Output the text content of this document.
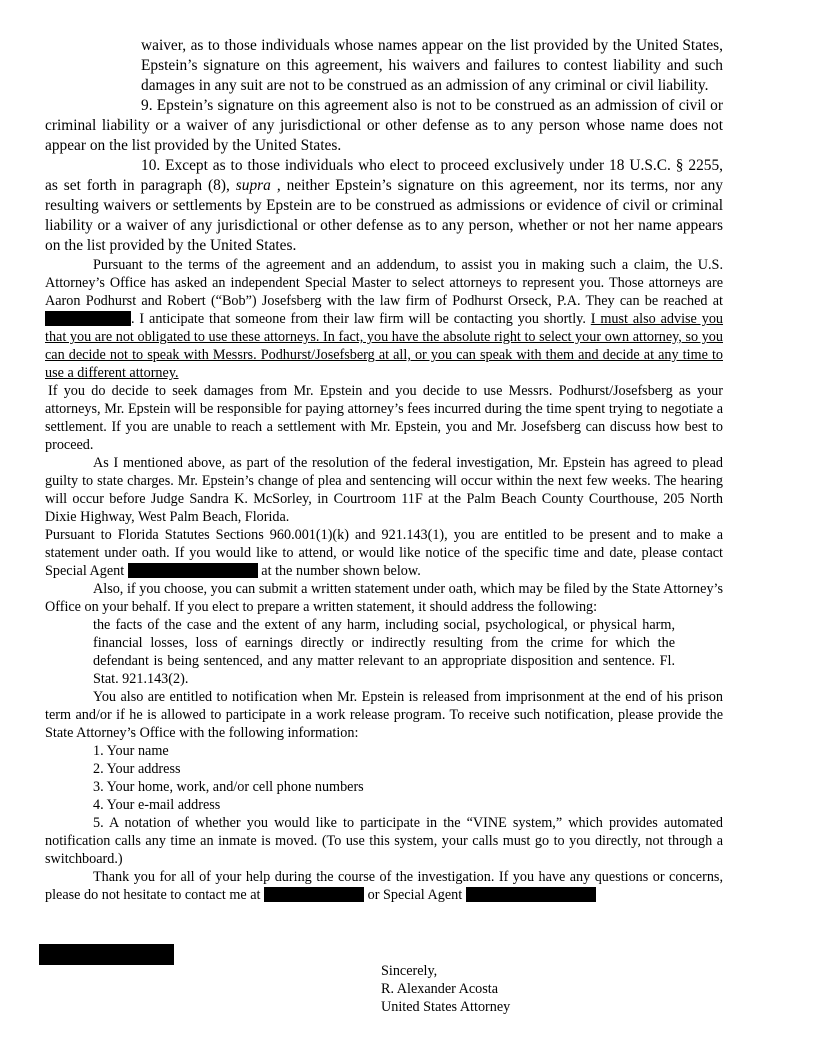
waiver, as to those individuals whose names appear on the list provided by the United States, Epstein’s signature on this agreement, his waivers and failures to contest liability and such damages in any suit are not to be construed as an admission of any criminal or civil liability.

9. Epstein’s signature on this agreement also is not to be construed as an admission of civil or criminal liability or a waiver of any jurisdictional or other defense as to any person whose name does not appear on the list provided by the United States.

10. Except as to those individuals who elect to proceed exclusively under 18 U.S.C. § 2255, as set forth in paragraph (8), supra , neither Epstein’s signature on this agreement, nor its terms, nor any resulting waivers or settlements by Epstein are to be construed as admissions or evidence of civil or criminal liability or a waiver of any jurisdictional or other defense as to any person, whether or not her name appears on the list provided by the United States.

Pursuant to the terms of the agreement and an addendum, to assist you in making such a claim, the U.S. Attorney’s Office has asked an independent Special Master to select attorneys to represent you. Those attorneys are Aaron Podhurst and Robert (“Bob”) Josefsberg with the law firm of Podhurst Orseck, P.A. They can be reached at . I anticipate that someone from their law firm will be contacting you shortly. I must also advise you that you are not obligated to use these attorneys. In fact, you have the absolute right to select your own attorney, so you can decide not to speak with Messrs. Podhurst/Josefsberg at all, or you can speak with them and decide at any time to use a different attorney.

If you do decide to seek damages from Mr. Epstein and you decide to use Messrs. Podhurst/Josefsberg as your attorneys, Mr. Epstein will be responsible for paying attorney’s fees incurred during the time spent trying to negotiate a settlement. If you are unable to reach a settlement with Mr. Epstein, you and Mr. Josefsberg can discuss how best to proceed.

As I mentioned above, as part of the resolution of the federal investigation, Mr. Epstein has agreed to plead guilty to state charges. Mr. Epstein’s change of plea and sentencing will occur within the next few weeks. The hearing will occur before Judge Sandra K. McSorley, in Courtroom 11F at the Palm Beach County Courthouse, 205 North Dixie Highway, West Palm Beach, Florida.

Pursuant to Florida Statutes Sections 960.001(1)(k) and 921.143(1), you are entitled to be present and to make a statement under oath. If you would like to attend, or would like notice of the specific time and date, please contact Special Agent	at the number shown below.

Also, if you choose, you can submit a written statement under oath, which may be filed by the State Attorney’s Office on your behalf. If you elect to prepare a written statement, it should address the following:

the facts of the case and the extent of any harm, including social, psychological, or physical harm, financial losses, loss of earnings directly or indirectly resulting from the crime for which the defendant is being sentenced, and any matter relevant to an appropriate disposition and sentence. Fl. Stat. 921.143(2).

You also are entitled to notification when Mr. Epstein is released from imprisonment at the end of his prison term and/or if he is allowed to participate in a work release program. To receive such notification, please provide the State Attorney’s Office with the following information:

1. Your name

2. Your address

3. Your home, work, and/or cell phone numbers

4. Your e-mail address

5. A notation of whether you would like to participate in the “VINE system,” which provides automated notification calls any time an inmate is moved. (To use this system, your calls must go to you directly, not through a switchboard.)

Thank you for all of your help during the course of the investigation. If you have any questions or concerns, please do not hesitate to contact me at	or Special Agent

Sincerely,
R. Alexander Acosta
United States Attorney
